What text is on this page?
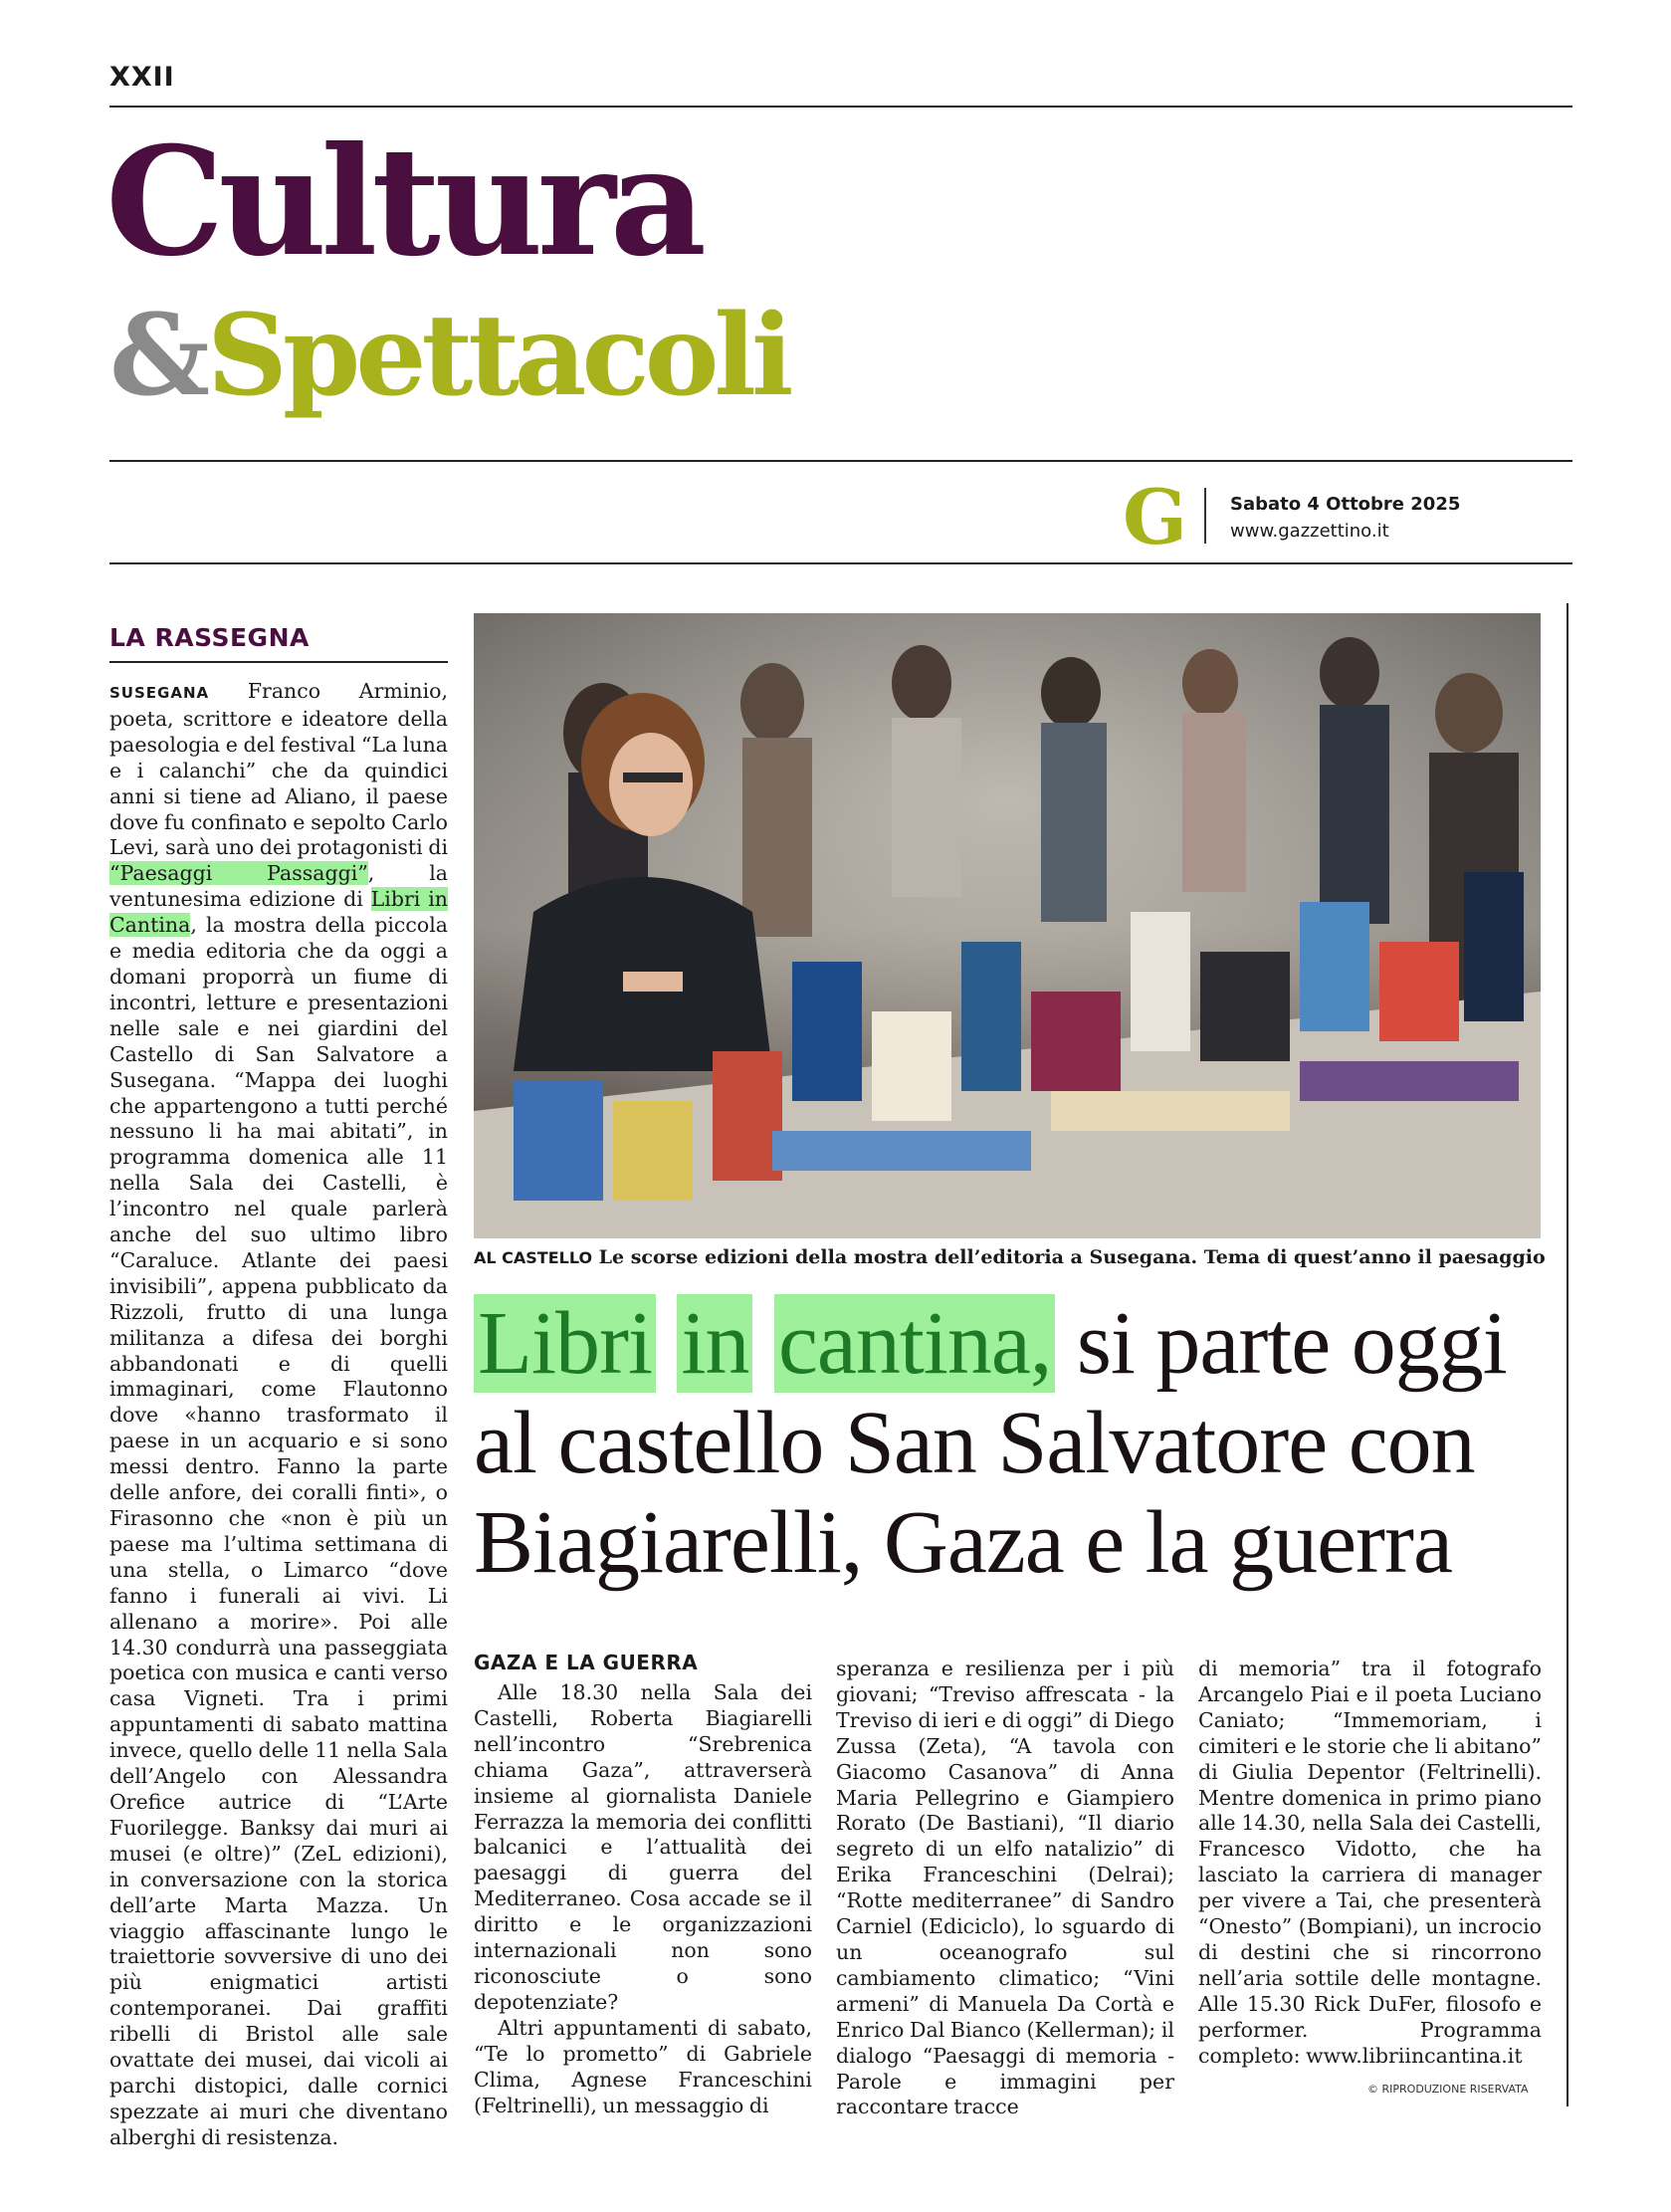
XXII
Cultura
& Spettacoli
G Sabato 4 Ottobre 2025
www.gazzettino.it
LA RASSEGNA
SUSEGANA Franco Arminio, poeta, scrittore e ideatore della paesologia e del festival “La luna e i calanchi” che da quindici anni si tiene ad Aliano, il paese dove fu confinato e sepolto Carlo Levi, sarà uno dei protagonisti di “Paesaggi Passaggi”, la ventunesima edizione di Libri in Cantina, la mostra della piccola e media editoria che da oggi a domani proporrà un fiume di incontri, letture e presentazioni nelle sale e nei giardini del Castello di San Salvatore a Susegana. “Mappa dei luoghi che appartengono a tutti perché nessuno li ha mai abitati”, in programma domenica alle 11 nella Sala dei Castelli, è l’incontro nel quale parlerà anche del suo ultimo libro “Caraluce. Atlante dei paesi invisibili”, appena pubblicato da Rizzoli, frutto di una lunga militanza a difesa dei borghi abbandonati e di quelli immaginari, come Flautonno dove «hanno trasformato il paese in un acquario e si sono messi dentro. Fanno la parte delle anfore, dei coralli finti», o Firasonno che «non è più un paese ma l’ultima settimana di una stella, o Limarco “dove fanno i funerali ai vivi. Li allenano a morire». Poi alle 14.30 condurrà una passeggiata poetica con musica e canti verso casa Vigneti. Tra i primi appuntamenti di sabato mattina invece, quello delle 11 nella Sala dell’Angelo con Alessandra Orefice autrice di “L’Arte Fuorilegge. Banksy dai muri ai musei (e oltre)” (ZeL edizioni), in conversazione con la storica dell’arte Marta Mazza. Un viaggio affascinante lungo le traiettorie sovversive di uno dei più enigmatici artisti contemporanei. Dai graffiti ribelli di Bristol alle sale ovattate dei musei, dai vicoli ai parchi distopici, dalle cornici spezzate ai muri che diventano alberghi di resistenza.
AL CASTELLO Le scorse edizioni della mostra dell’editoria a Susegana. Tema di quest’anno il paesaggio
Libri in cantina, si parte oggi
al castello San Salvatore con
Biagiarelli, Gaza e la guerra
GAZA E LA GUERRA
Alle 18.30 nella Sala dei Castelli, Roberta Biagiarelli nell’incontro “Srebrenica chiama Gaza”, attraverserà insieme al giornalista Daniele Ferrazza la memoria dei conflitti balcanici e l’attualità dei paesaggi di guerra del Mediterraneo. Cosa accade se il diritto e le organizzazioni internazionali non sono riconosciute o sono depotenziate?
Altri appuntamenti di sabato, “Te lo prometto” di Gabriele Clima, Agnese Franceschini (Feltrinelli), un messaggio di
speranza e resilienza per i più giovani; “Treviso affrescata - la Treviso di ieri e di oggi” di Diego Zussa (Zeta), “A tavola con Giacomo Casanova” di Anna Maria Pellegrino e Giampiero Rorato (De Bastiani), “Il diario segreto di un elfo natalizio” di Erika Franceschini (Delrai); “Rotte mediterranee” di Sandro Carniel (Ediciclo), lo sguardo di un oceanografo sul cambiamento climatico; “Vini armeni” di Manuela Da Cortà e Enrico Dal Bianco (Kellerman); il dialogo “Paesaggi di memoria - Parole e immagini per raccontare tracce
di memoria” tra il fotografo Arcangelo Piai e il poeta Luciano Caniato; “Immemoriam, i cimiteri e le storie che li abitano” di Giulia Depentor (Feltrinelli). Mentre domenica in primo piano alle 14.30, nella Sala dei Castelli, Francesco Vidotto, che ha lasciato la carriera di manager per vivere a Tai, che presenterà “Onesto” (Bompiani), un incrocio di destini che si rincorrono nell’aria sottile delle montagne. Alle 15.30 Rick DuFer, filosofo e performer. Programma completo: www.libriincantina.it
© RIPRODUZIONE RISERVATA
